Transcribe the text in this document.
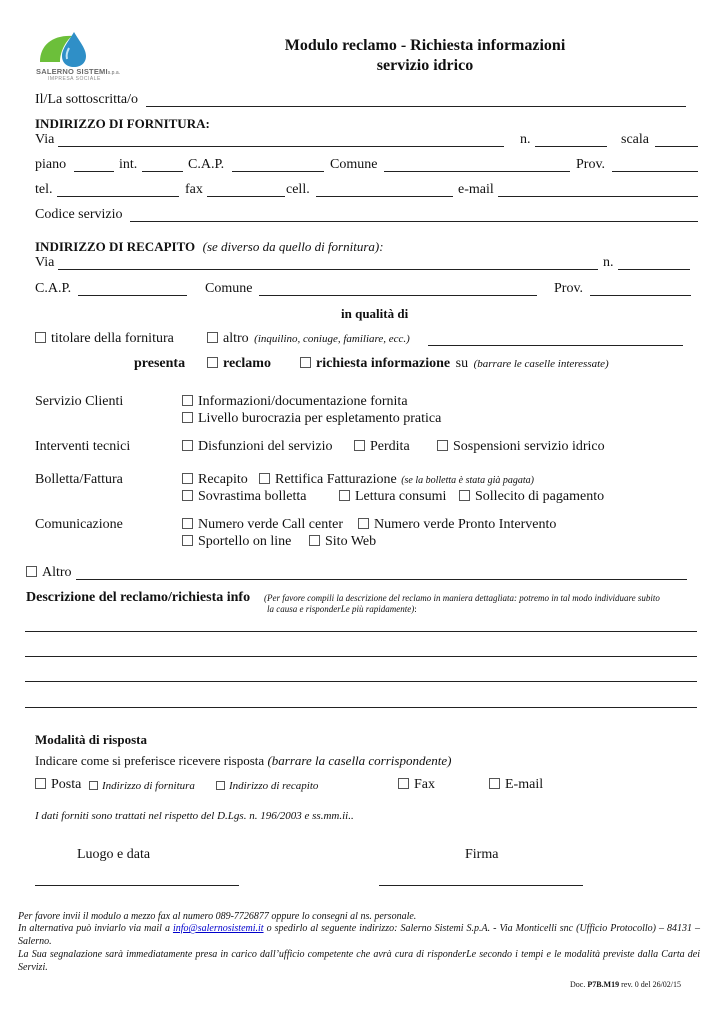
SALERNO SISTEMIs.p.a.
IMPRESA SOCIALE
Modulo reclamo - Richiesta informazioni
servizio idrico
Il/La sottoscritta/o
INDIRIZZO DI FORNITURA:
Via	n.	scala
piano	int.	C.A.P.	Comune	Prov.
tel.	fax	cell.	e-mail
Codice servizio
INDIRIZZO DI RECAPITO (se diverso da quello di fornitura):
Via	n.
C.A.P.	Comune	Prov.
in qualità di
titolare della fornitura	altro (inquilino, coniuge, familiare, ecc.)
presenta	reclamo	richiesta informazione su (barrare le caselle interessate)
Servizio Clienti	Informazioni/documentazione fornita
Livello burocrazia per espletamento pratica
Interventi tecnici	Disfunzioni del servizio	Perdita	Sospensioni servizio idrico
Bolletta/Fattura	Recapito	Rettifica Fatturazione (se la bolletta è stata già pagata)
Sovrastima bolletta	Lettura consumi	Sollecito di pagamento
Comunicazione	Numero verde Call center	Numero verde Pronto Intervento
Sportello on line	Sito Web
Altro
Descrizione del reclamo/richiesta info (Per favore compili la descrizione del reclamo in maniera dettagliata: potremo in tal modo individuare subito
la causa e risponderLe più rapidamente):
Modalità di risposta
Indicare come si preferisce ricevere risposta (barrare la casella corrispondente)
Posta	Indirizzo di fornitura	Indirizzo di recapito	Fax	E-mail
I dati forniti sono trattati nel rispetto del D.Lgs. n. 196/2003 e ss.mm.ii..
Luogo e data	Firma
Per favore invii il modulo a mezzo fax al numero 089-7726877 oppure lo consegni al ns. personale.
In alternativa può inviarlo via mail a info@salernosistemi.it o spedirlo al seguente indirizzo: Salerno Sistemi S.p.A. - Via Monticelli snc (Ufficio Protocollo) – 84131 – Salerno.
La Sua segnalazione sarà immediatamente presa in carico dall’ufficio competente che avrà cura di risponderLe secondo i tempi e le modalità previste dalla Carta dei Servizi.
Doc. P7B.M19 rev. 0 del 26/02/15
